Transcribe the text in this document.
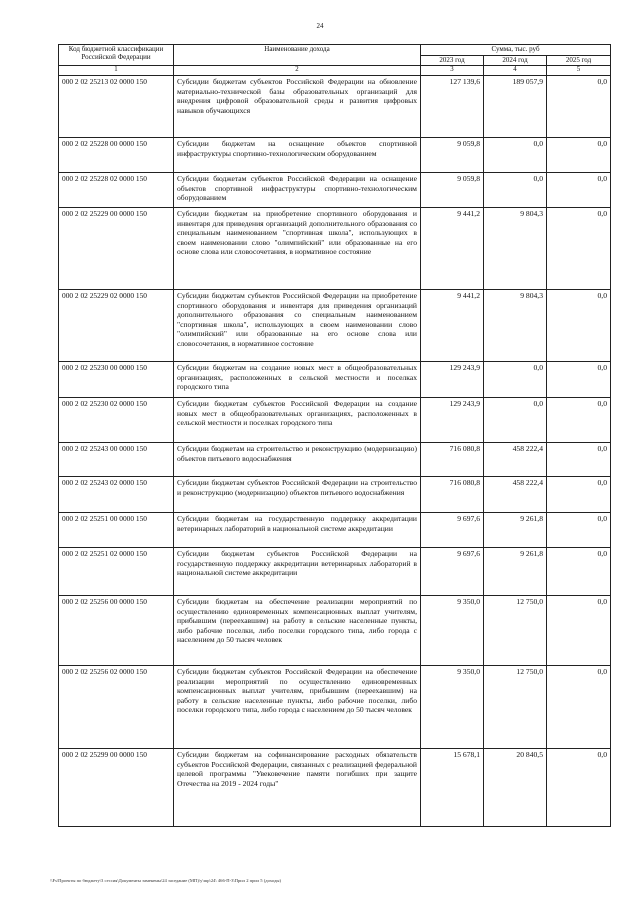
24
Код бюджетной классификации Российской Федерации	Наименование дохода	Сумма, тыс. руб		
		2023 год	2024 год	2025 год
1	2	3	4	5
000 2 02 25213 02 0000 150	Субсидии бюджетам субъектов Российской Федерации на обновление материально-технической базы образовательных организаций для внедрения цифровой образовательной среды и развития цифровых навыков обучающихся	127 139,6	189 057,9	0,0
000 2 02 25228 00 0000 150	Субсидии бюджетам на оснащение объектов спортивной инфраструктуры спортивно-технологическим оборудованием	9 059,8	0,0	0,0
000 2 02 25228 02 0000 150	Субсидии бюджетам субъектов Российской Федерации на оснащение объектов спортивной инфраструктуры спортивно-технологическим оборудованием	9 059,8	0,0	0,0
000 2 02 25229 00 0000 150	Субсидии бюджетам на приобретение спортивного оборудования и инвентаря для приведения организаций дополнительного образования со специальным наименованием "спортивная школа", использующих в своем наименовании слово "олимпийский" или образованные на его основе слова или словосочетания, в нормативное состояние	9 441,2	9 804,3	0,0
000 2 02 25229 02 0000 150	Субсидии бюджетам субъектов Российской Федерации на приобретение спортивного оборудования и инвентаря для приведения организаций дополнительного образования со специальным наименованием "спортивная школа", использующих в своем наименовании слово "олимпийский" или образованные на его основе слова или словосочетания, в нормативное состояние	9 441,2	9 804,3	0,0
000 2 02 25230 00 0000 150	Субсидии бюджетам на создание новых мест в общеобразовательных организациях, расположенных в сельской местности и поселках городского типа	129 243,9	0,0	0,0
000 2 02 25230 02 0000 150	Субсидии бюджетам субъектов Российской Федерации на создание новых мест в общеобразовательных организациях, расположенных в сельской местности и поселках городского типа	129 243,9	0,0	0,0
000 2 02 25243 00 0000 150	Субсидии бюджетам на строительство и реконструкцию (модернизацию) объектов питьевого водоснабжения	716 080,8	458 222,4	0,0
000 2 02 25243 02 0000 150	Субсидии бюджетам субъектов Российской Федерации на строительство и реконструкцию (модернизацию) объектов питьевого водоснабжения	716 080,8	458 222,4	0,0
000 2 02 25251 00 0000 150	Субсидии бюджетам на государственную поддержку аккредитации ветеринарных лабораторий в национальной системе аккредитации	9 697,6	9 261,8	0,0
000 2 02 25251 02 0000 150	Субсидии бюджетам субъектов Российской Федерации на государственную поддержку аккредитации ветеринарных лабораторий в национальной системе аккредитации	9 697,6	9 261,8	0,0
000 2 02 25256 00 0000 150	Субсидии бюджетам на обеспечение реализации мероприятий по осуществлению единовременных компенсационных выплат учителям, прибывшим (переехавшим) на работу в сельские населенные пункты, либо рабочие поселки, либо поселки городского типа, либо города с населением до 50 тысяч человек	9 350,0	12 750,0	0,0
000 2 02 25256 02 0000 150	Субсидии бюджетам субъектов Российской Федерации на обеспечение реализации мероприятий по осуществлению единовременных компенсационных выплат учителям, прибывшим (переехавшим) на работу в сельские населенные пункты, либо рабочие поселки, либо поселки городского типа, либо города с населением до 50 тысяч человек	9 350,0	12 750,0	0,0
000 2 02 25299 00 0000 150	Субсидии бюджетам на софинансирование расходных обязательств субъектов Российской Федерации, связанных с реализацией федеральной целевой программы "Увековечение памяти погибших при защите Отечества на 2019 - 2024 годы"	15 678,1	20 840,5	0,0
\\Fs\Проекты по бюджету\3 сессия\Документы заменены\24 заседание (МП)\у\шр\24\ 466-П-3\Прил 2 прил 5 (доходы)
